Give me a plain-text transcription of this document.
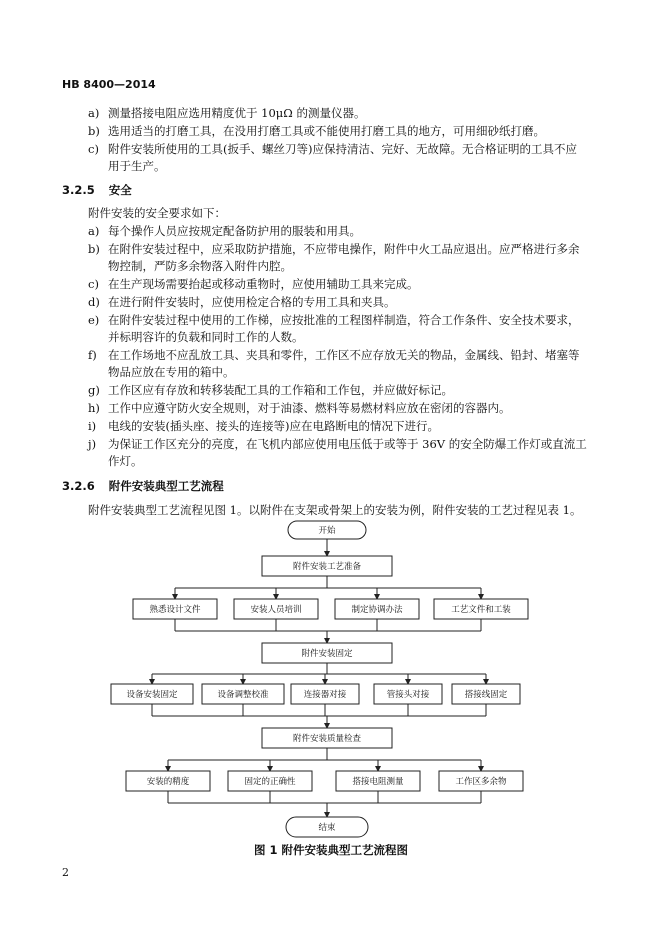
HB 8400—2014
a) 测量搭接电阻应选用精度优于 10μΩ 的测量仪器。
b) 选用适当的打磨工具，在没用打磨工具或不能使用打磨工具的地方，可用细砂纸打磨。
c) 附件安装所使用的工具(扳手、螺丝刀等)应保持清洁、完好、无故障。无合格证明的工具不应
用于生产。
a) 每个操作人员应按规定配备防护用的服装和用具。
b) 在附件安装过程中，应采取防护措施，不应带电操作，附件中火工品应退出。应严格进行多余
物控制，严防多余物落入附件内腔。
c) 在生产现场需要抬起或移动重物时，应使用辅助工具来完成。
d) 在进行附件安装时，应使用检定合格的专用工具和夹具。
e) 在附件安装过程中使用的工作梯，应按批准的工程图样制造，符合工作条件、安全技术要求，
并标明容许的负载和同时工作的人数。
f) 在工作场地不应乱放工具、夹具和零件，工作区不应存放无关的物品，金属线、铅封、堵塞等
物品应放在专用的箱中。
g) 工作区应有存放和转移装配工具的工作箱和工作包，并应做好标记。
h) 工作中应遵守防火安全规则，对于油漆、燃料等易燃材料应放在密闭的容器内。
i) 电线的安装(插头座、接头的连接等)应在电路断电的情况下进行。
j) 为保证工作区充分的亮度，在飞机内部应使用电压低于或等于 36V 的安全防爆工作灯或直流工
作灯。
3.2.5 安全
3.2.6 附件安装典型工艺流程
附件安装的安全要求如下：
附件安装典型工艺流程见图 1。以附件在支架或骨架上的安装为例，附件安装的工艺过程见表 1。
开始
附件安装工艺准备
熟悉设计文件	安装人员培训	制定协调办法	工艺文件和工装
附件安装固定
设备安装固定	设备调整校准	连接器对接	管接头对接	搭接线固定
附件安装质量检查
安装的精度	固定的正确性	搭接电阻测量	工作区多余物
结束
图 1 附件安装典型工艺流程图
2
